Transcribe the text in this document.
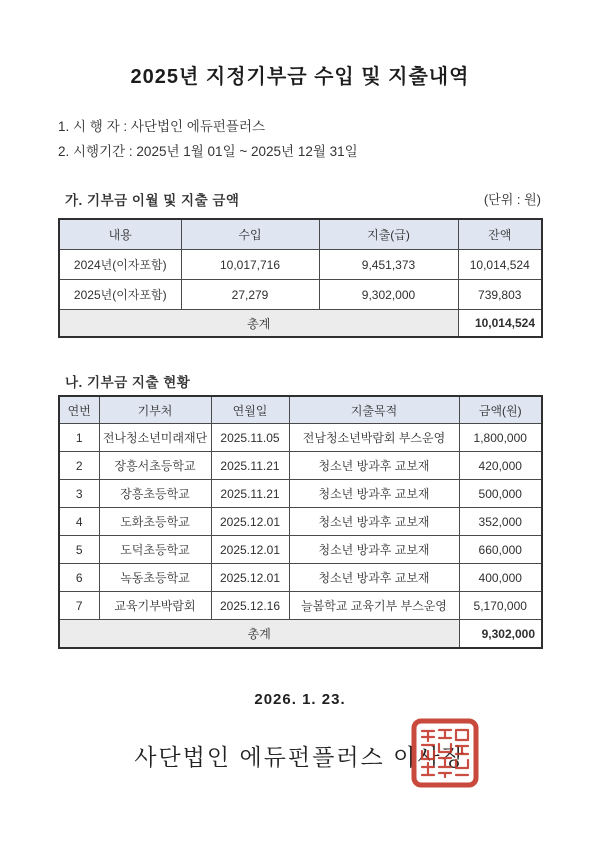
2025년 지정기부금 수입 및 지출내역
1. 시 행 자 : 사단법인 에듀펀플러스
2. 시행기간 : 2025년 1월 01일 ~ 2025년 12월 31일
가. 기부금 이월 및 지출 금액	(단위 : 원)
내용	수입	지출(급)	잔액
2024년(이자포함)	10,017,716	9,451,373	10,014,524
2025년(이자포함)	27,279	9,302,000	739,803
총계			10,014,524
나. 기부금 지출 현황
연번	기부처	연월일	지출목적	금액(원)
1	전나청소년미래재단	2025.11.05	전남청소년박람회 부스운영	1,800,000
2	장흥서초등학교	2025.11.21	청소년 방과후 교보재	420,000
3	장흥초등학교	2025.11.21	청소년 방과후 교보재	500,000
4	도화초등학교	2025.12.01	청소년 방과후 교보재	352,000
5	도덕초등학교	2025.12.01	청소년 방과후 교보재	660,000
6	녹동초등학교	2025.12.01	청소년 방과후 교보재	400,000
7	교육기부박람회	2025.12.16	늘봄학교 교육기부 부스운영	5,170,000
총계				9,302,000
2026. 1. 23.
사단법인 에듀펀플러스 이사장
